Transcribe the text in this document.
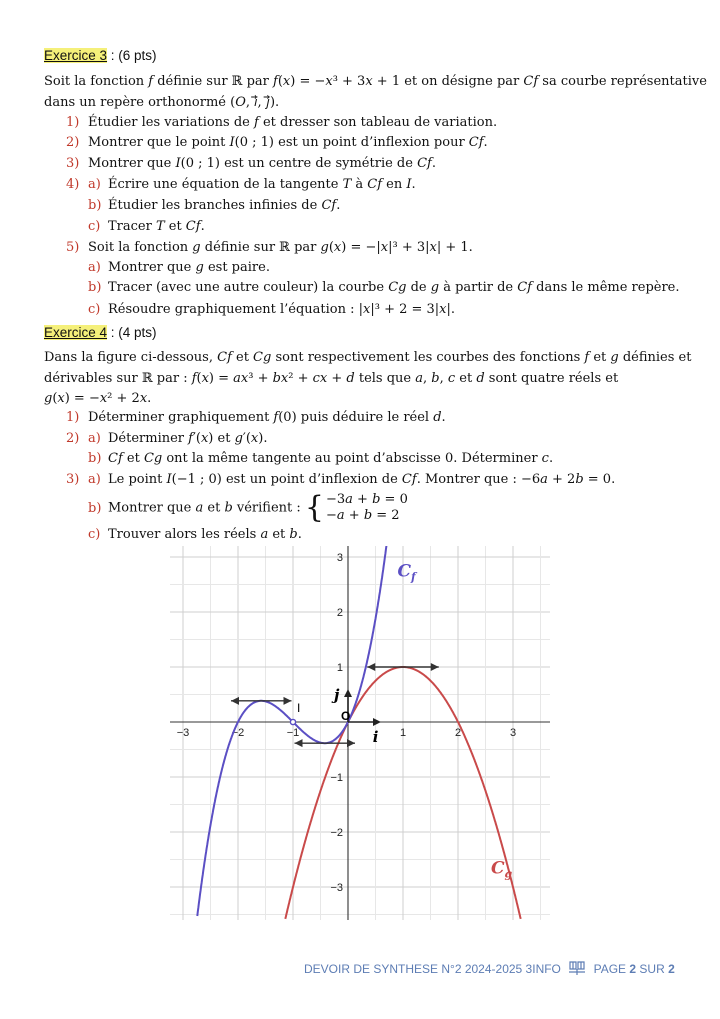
Exercice 3 : (6 pts)
Soit la fonction 𝑓 définie sur ℝ par 𝑓(𝑥) = −𝑥³ + 3𝑥 + 1 et on désigne par 𝐶𝑓 sa courbe représentative
dans un repère orthonormé (𝑂, 𝑖⃗, 𝑗⃗).
1) Étudier les variations de 𝑓 et dresser son tableau de variation.
2) Montrer que le point 𝐼(0 ; 1) est un point d’inflexion pour 𝐶𝑓.
3) Montrer que 𝐼(0 ; 1) est un centre de symétrie de 𝐶𝑓.
4) a) Écrire une équation de la tangente 𝑇 à 𝐶𝑓 en 𝐼.
b) Étudier les branches infinies de 𝐶𝑓.
c) Tracer 𝑇 et 𝐶𝑓.
5) Soit la fonction 𝑔 définie sur ℝ par 𝑔(𝑥) = −|𝑥|³ + 3|𝑥| + 1.
a) Montrer que 𝑔 est paire.
b) Tracer (avec une autre couleur) la courbe 𝐶𝑔 de 𝑔 à partir de 𝐶𝑓 dans le même repère.
c) Résoudre graphiquement l’équation : |𝑥|³ + 2 = 3|𝑥|.
Exercice 4 : (4 pts)
Dans la figure ci-dessous, 𝐶𝑓 et 𝐶𝑔 sont respectivement les courbes des fonctions 𝑓 et 𝑔 définies et
dérivables sur ℝ par : 𝑓(𝑥) = 𝑎𝑥³ + 𝑏𝑥² + 𝑐𝑥 + 𝑑 tels que 𝑎, 𝑏, 𝑐 et 𝑑 sont quatre réels et
𝑔(𝑥) = −𝑥² + 2𝑥.
1) Déterminer graphiquement 𝑓(0) puis déduire le réel 𝑑.
2) a) Déterminer 𝑓′(𝑥) et 𝑔′(𝑥).
b) 𝐶𝑓 et 𝐶𝑔 ont la même tangente au point d’abscisse 0. Déterminer 𝑐.
3) a) Le point 𝐼(−1 ; 0) est un point d’inflexion de 𝐶𝑓. Montrer que : −6𝑎 + 2𝑏 = 0.
b) Montrer que 𝑎 et 𝑏 vérifient : { −3𝑎 + 𝑏 = 0
−𝑎 + 𝑏 = 2
c) Trouver alors les réels 𝑎 et 𝑏.
−3	−2	−1	1	2	3
3
2
1
−1
−2
−3
I
O
i
j
$C_f$
$C_g$
DEVOIR DE SYNTHESE N°2 2024-2025 3INFO	PAGE 2 SUR 2
